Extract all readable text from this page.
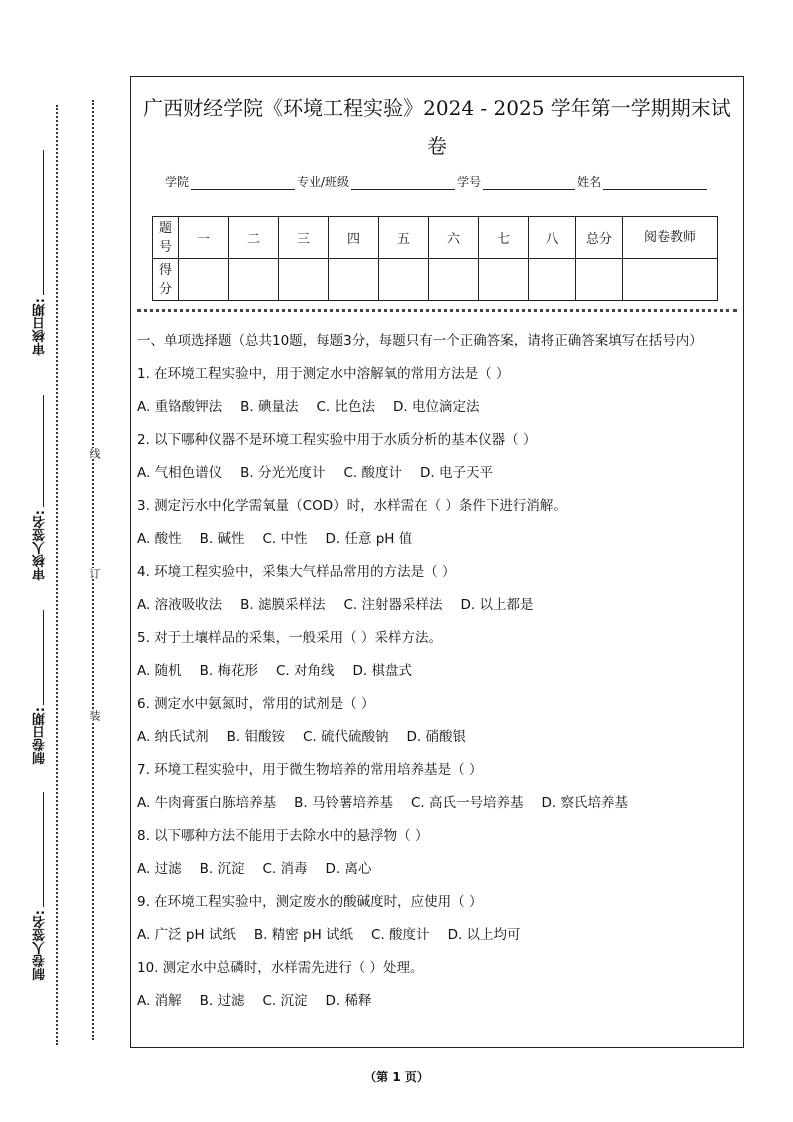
审核日期:
审核人签名:
制卷日期:
制卷人签名:
线
订
装
广西财经学院《环境工程实验》2024 - 2025 学年第一学期期末试卷
学院	专业/班级	学号	姓名
题号	一	二	三	四	五	六	七	八	总分	阅卷教师
得分										
一、单项选择题（总共10题，每题3分，每题只有一个正确答案，请将正确答案填写在括号内）
1. 在环境工程实验中，用于测定水中溶解氧的常用方法是（ ）
A. 重铬酸钾法 B. 碘量法 C. 比色法 D. 电位滴定法
2. 以下哪种仪器不是环境工程实验中用于水质分析的基本仪器（ ）
A. 气相色谱仪 B. 分光光度计 C. 酸度计 D. 电子天平
3. 测定污水中化学需氧量（COD）时，水样需在（ ）条件下进行消解。
A. 酸性 B. 碱性 C. 中性 D. 任意 pH 值
4. 环境工程实验中，采集大气样品常用的方法是（ ）
A. 溶液吸收法 B. 滤膜采样法 C. 注射器采样法 D. 以上都是
5. 对于土壤样品的采集，一般采用（ ）采样方法。
A. 随机 B. 梅花形 C. 对角线 D. 棋盘式
6. 测定水中氨氮时，常用的试剂是（ ）
A. 纳氏试剂 B. 钼酸铵 C. 硫代硫酸钠 D. 硝酸银
7. 环境工程实验中，用于微生物培养的常用培养基是（ ）
A. 牛肉膏蛋白胨培养基 B. 马铃薯培养基 C. 高氏一号培养基 D. 察氏培养基
8. 以下哪种方法不能用于去除水中的悬浮物（ ）
A. 过滤 B. 沉淀 C. 消毒 D. 离心
9. 在环境工程实验中，测定废水的酸碱度时，应使用（ ）
A. 广泛 pH 试纸 B. 精密 pH 试纸 C. 酸度计 D. 以上均可
10. 测定水中总磷时，水样需先进行（ ）处理。
A. 消解 B. 过滤 C. 沉淀 D. 稀释
（第 1 页）
